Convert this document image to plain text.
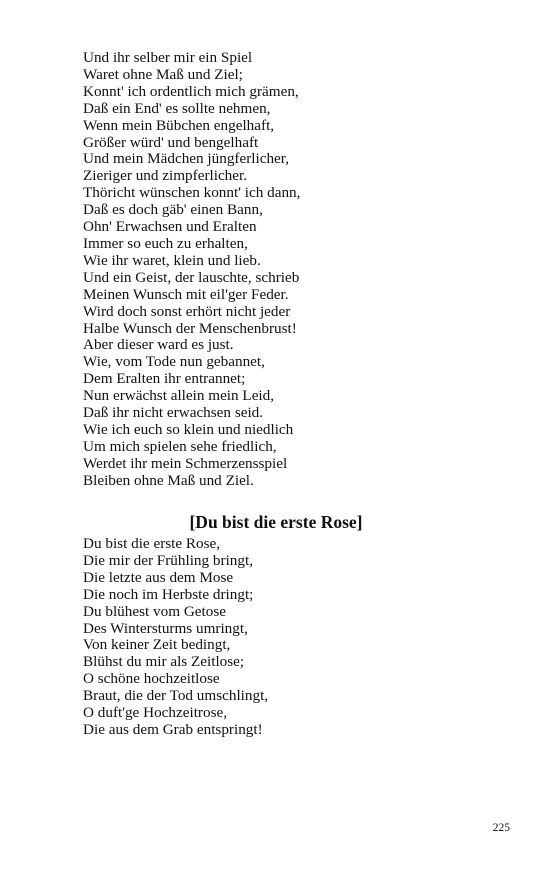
Und ihr selber mir ein Spiel
Waret ohne Maß und Ziel;
Konnt' ich ordentlich mich grämen,
Daß ein End' es sollte nehmen,
Wenn mein Bübchen engelhaft,
Größer würd' und bengelhaft
Und mein Mädchen jüngferlicher,
Zieriger und zimpferlicher.
Thöricht wünschen konnt' ich dann,
Daß es doch gäb' einen Bann,
Ohn' Erwachsen und Eralten
Immer so euch zu erhalten,
Wie ihr waret, klein und lieb.
Und ein Geist, der lauschte, schrieb
Meinen Wunsch mit eil'ger Feder.
Wird doch sonst erhört nicht jeder
Halbe Wunsch der Menschenbrust!
Aber dieser ward es just.
Wie, vom Tode nun gebannet,
Dem Eralten ihr entrannet;
Nun erwächst allein mein Leid,
Daß ihr nicht erwachsen seid.
Wie ich euch so klein und niedlich
Um mich spielen sehe friedlich,
Werdet ihr mein Schmerzensspiel
Bleiben ohne Maß und Ziel.
[Du bist die erste Rose]
Du bist die erste Rose,
Die mir der Frühling bringt,
Die letzte aus dem Mose
Die noch im Herbste dringt;
Du blühest vom Getose
Des Wintersturms umringt,
Von keiner Zeit bedingt,
Blühst du mir als Zeitlose;
O schöne hochzeitlose
Braut, die der Tod umschlingt,
O duft'ge Hochzeitrose,
Die aus dem Grab entspringt!
225
